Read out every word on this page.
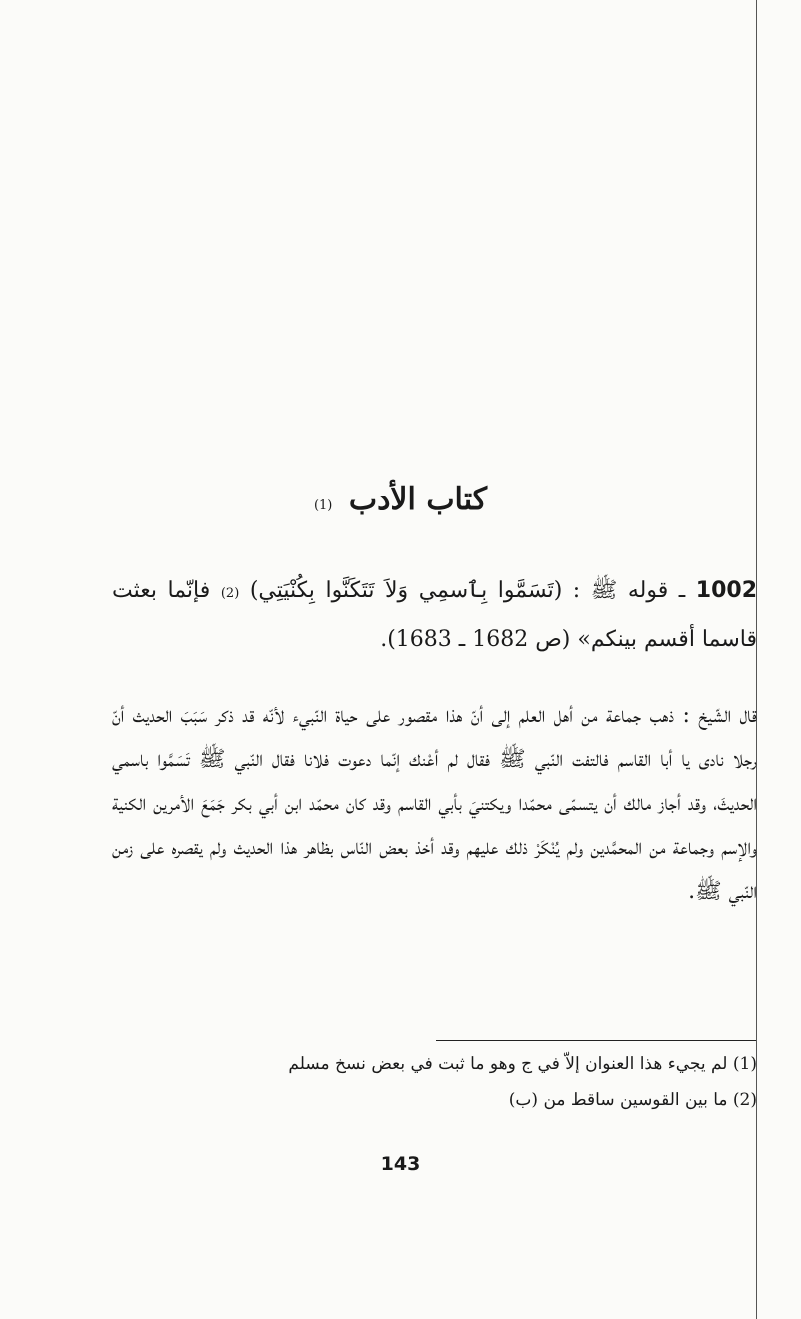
كتاب الأدب (1)
1002 ـ قوله ﷺ : (تَسَمَّوا بِٱسمِي وَلاَ تَتَكَنَّوا بِكُنْيَتِي) (2) فإنّما بعثت قاسما أقسم بينكم» (ص 1682 ـ 1683).

قال الشّيخ : ذهب جماعة من أهل العلم إلى أنّ هذا مقصور على حياة النّبيء لأنّه قد ذكر سَبَبَ الحديث أنّ رجلا نادى يا أبا القاسم فالتفت النّبي ﷺ فقال لم أعْنك إنّما دعوت فلانا فقال النّبي ﷺ تَسَمَّوا باسمي الحديثَ، وقد أجاز مالك أن يتسمّى محمّدا ويكتنيَ بأبي القاسم وقد كان محمّد ابن أبي بكر جَمَعَ الأمرين الكنية والإسم وجماعة من المحمَّدين ولم يُنْكَرْ ذلك عليهم وقد أخذ بعض النّاس بظاهر هذا الحديث ولم يقصره على زمن النّبي ﷺ.

(1) لم يجيء هذا العنوان إلاّ في ج وهو ما ثبت في بعض نسخ مسلم
(2) ما بين القوسين ساقط من (ب)
143
